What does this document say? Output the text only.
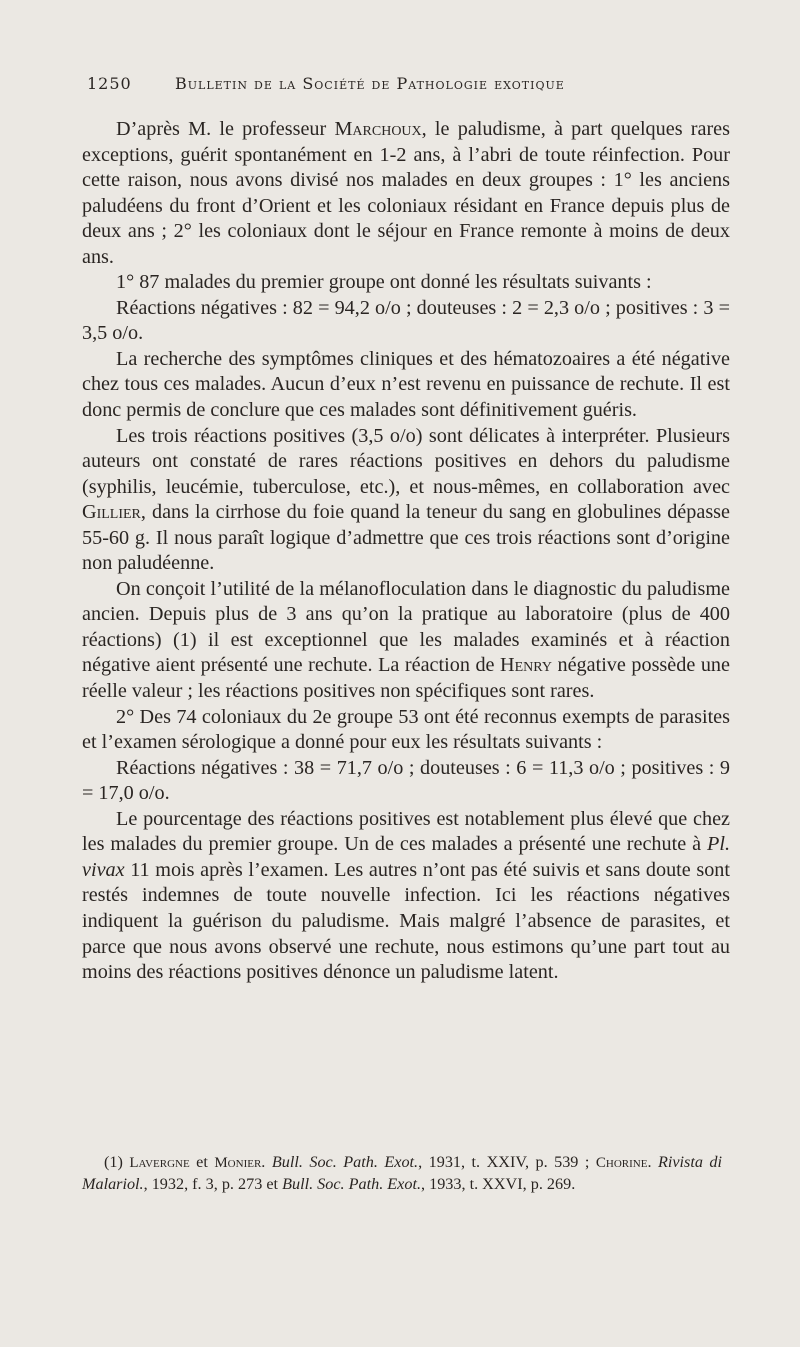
1250	Bulletin de la Société de Pathologie exotique

D’après M. le professeur Marchoux, le paludisme, à part quelques rares exceptions, guérit spontanément en 1-2 ans, à l’abri de toute réinfection. Pour cette raison, nous avons divisé nos malades en deux groupes : 1° les anciens paludéens du front d’Orient et les coloniaux résidant en France depuis plus de deux ans ; 2° les coloniaux dont le séjour en France remonte à moins de deux ans.

1° 87 malades du premier groupe ont donné les résultats suivants :

Réactions négatives : 82 = 94,2 o/o ; douteuses : 2 = 2,3 o/o ; positives : 3 = 3,5 o/o.

La recherche des symptômes cliniques et des hématozoaires a été négative chez tous ces malades. Aucun d’eux n’est revenu en puissance de rechute. Il est donc permis de conclure que ces malades sont définitivement guéris.

Les trois réactions positives (3,5 o/o) sont délicates à interpréter. Plusieurs auteurs ont constaté de rares réactions positives en dehors du paludisme (syphilis, leucémie, tuberculose, etc.), et nous-mêmes, en collaboration avec Gillier, dans la cirrhose du foie quand la teneur du sang en globulines dépasse 55-60 g. Il nous paraît logique d’admettre que ces trois réactions sont d’origine non paludéenne.

On conçoit l’utilité de la mélanofloculation dans le diagnostic du paludisme ancien. Depuis plus de 3 ans qu’on la pratique au laboratoire (plus de 400 réactions) (1) il est exceptionnel que les malades examinés et à réaction négative aient présenté une rechute. La réaction de Henry négative possède une réelle valeur ; les réactions positives non spécifiques sont rares.

2° Des 74 coloniaux du 2e groupe 53 ont été reconnus exempts de parasites et l’examen sérologique a donné pour eux les résultats suivants :

Réactions négatives : 38 = 71,7 o/o ; douteuses : 6 = 11,3 o/o ; positives : 9 = 17,0 o/o.

Le pourcentage des réactions positives est notablement plus élevé que chez les malades du premier groupe. Un de ces malades a présenté une rechute à Pl. vivax 11 mois après l’examen. Les autres n’ont pas été suivis et sans doute sont restés indemnes de toute nouvelle infection. Ici les réactions négatives indiquent la guérison du paludisme. Mais malgré l’absence de parasites, et parce que nous avons observé une rechute, nous estimons qu’une part tout au moins des réactions positives dénonce un paludisme latent.

(1) Lavergne et Monier. Bull. Soc. Path. Exot., 1931, t. XXIV, p. 539 ; Chorine. Rivista di Malariol., 1932, f. 3, p. 273 et Bull. Soc. Path. Exot., 1933, t. XXVI, p. 269.
